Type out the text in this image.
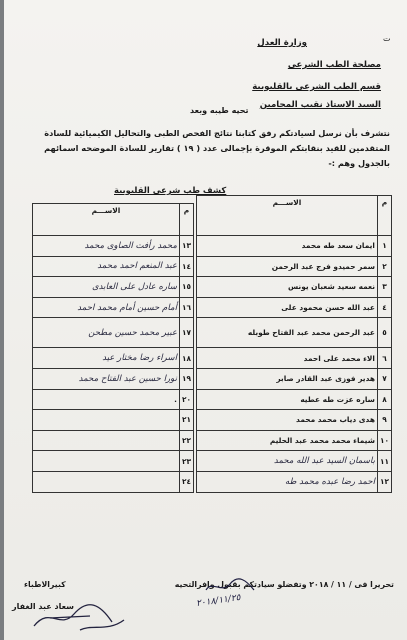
ت
وزارة العدل
مصلحة الطب الشرعى
قسم الطب الشرعى بالقليوبية
السيد الاستاذ نقيب المحامين
تحيه طيبه وبعد
نتشرف بأن نرسل لسيادتكم رفق كتابنا نتائج الفحص الطبى والتحاليل الكيميائية للسادة
المتقدمين للقيد بنقابتكم الموقرة بإجمالى عدد ( ١٩ ) تقارير للسادة الموضحه اسمائهم
بالجدول وهم :-
كشف طب شرعى القليوبية
م	الاســـم
١	ايمان سعد طه محمد
٢	سمر حميدو فرج عبد الرحمن
٣	نعمه سعيد شعبان يونس
٤	عبد الله حسن محمود على
٥	عبد الرحمن محمد عبد الفتاح طوبله
٦	الاء محمد على احمد
٧	هدير فوزى عبد القادر صابر
٨	ساره عزت طه عطيه
٩	هدى دياب محمد محمد
١٠	شيماء محمد محمد عبد الحليم
١١	باسمان السيد عبد الله محمد
١٢	احمد رضا عبده محمد طه
م	الاســـم
١٣	محمد رأفت الصاوى محمد
١٤	عبد المنعم احمد محمد
١٥	ساره عادل على العابدى
١٦	أمام حسين أمام محمد احمد
١٧	عبير محمد حسين مطحن
١٨	اسراء رضا مختار عيد
١٩	نورا حسين عبد الفتاح محمد
٢٠	.
٢١	
٢٢	
٢٣	
٢٤	
تحريرا فى / ١١ / ٢٠١٨ وتفضلو سيادتكم بقبول وافرالتحيه
كبيرالاطباء
سعاد عبد الغفار	٢٠١٨/١١/٢٥
